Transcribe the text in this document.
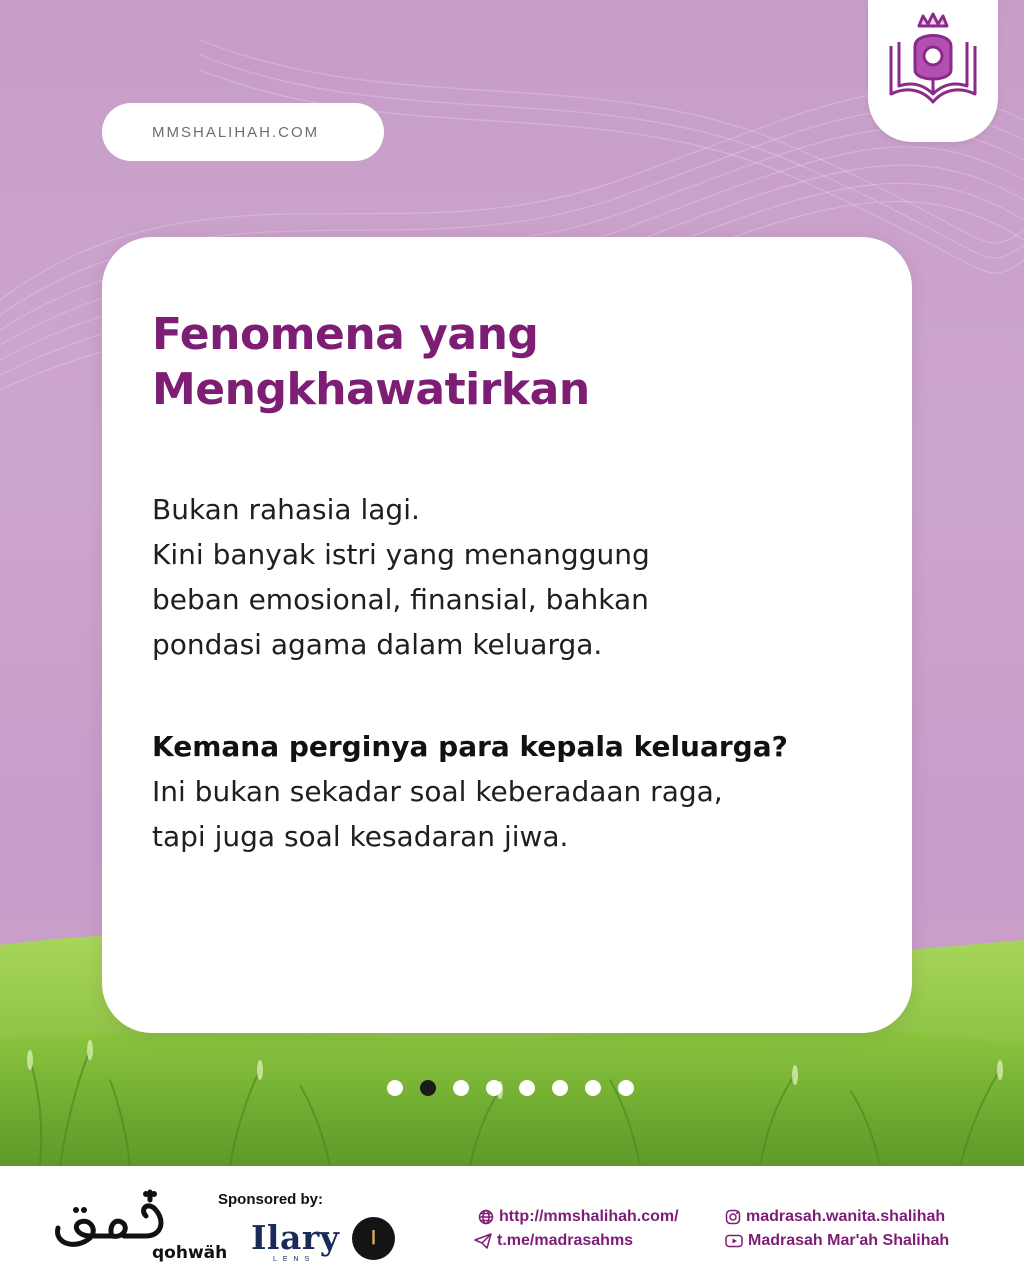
MMSHALIHAH.COM
Fenomena yang
Mengkhawatirkan
Bukan rahasia lagi.
Kini banyak istri yang menanggung
beban emosional, finansial, bahkan
pondasi agama dalam keluarga.
Kemana perginya para kepala keluarga?
Ini bukan sekadar soal keberadaan raga,
tapi juga soal kesadaran jiwa.
qohwäh
Sponsored by:
Ilary
LENS
ا
http://mmshalihah.com/
t.me/madrasahms
madrasah.wanita.shalihah
Madrasah Mar'ah Shalihah
